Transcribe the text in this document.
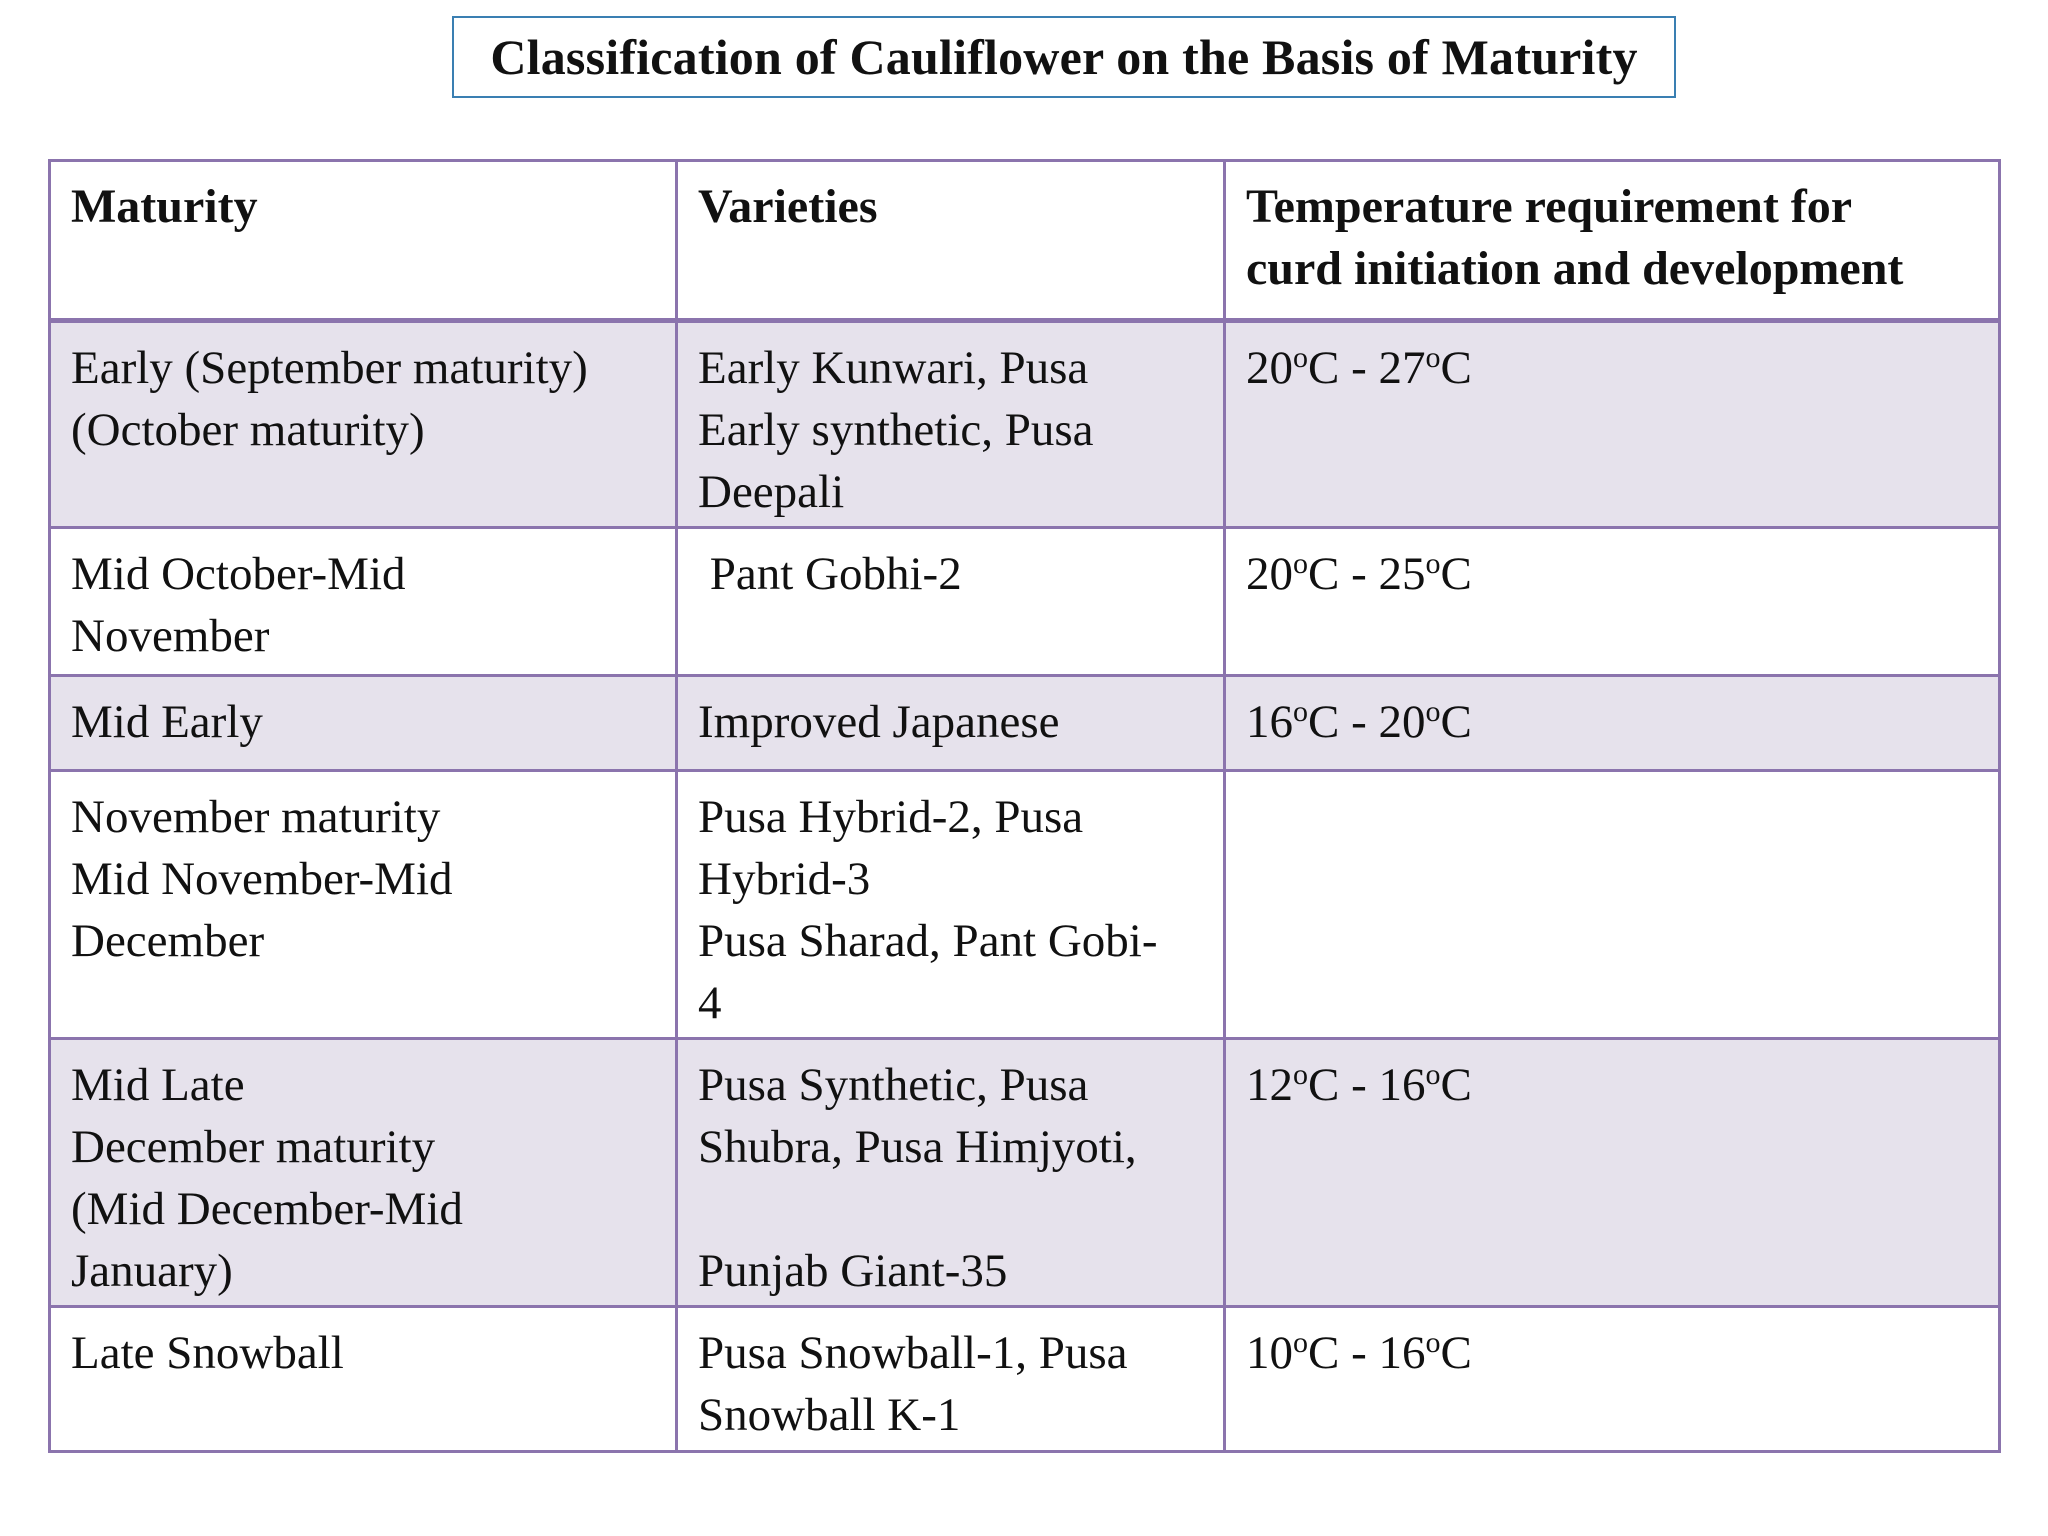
Classification of Cauliflower on the Basis of Maturity
Maturity	Varieties	Temperature requirement for
curd initiation and development

Early (September maturity)
(October maturity)	Early Kunwari, Pusa
Early synthetic, Pusa
Deepali	20$^o$C - 27$^o$C

Mid October-Mid
November	Pant Gobhi-2	20$^o$C - 25$^o$C

Mid Early	Improved Japanese	16$^o$C - 20$^o$C

November maturity
Mid November-Mid
December	Pusa Hybrid-2, Pusa
Hybrid-3
Pusa Sharad, Pant Gobi-
4	

Mid Late
December maturity
(Mid December-Mid
January)	Pusa Synthetic, Pusa
Shubra, Pusa Himjyoti,
Punjab Giant-35	12$^o$C - 16$^o$C

Late Snowball	Pusa Snowball-1, Pusa
Snowball K-1	10$^o$C - 16$^o$C
